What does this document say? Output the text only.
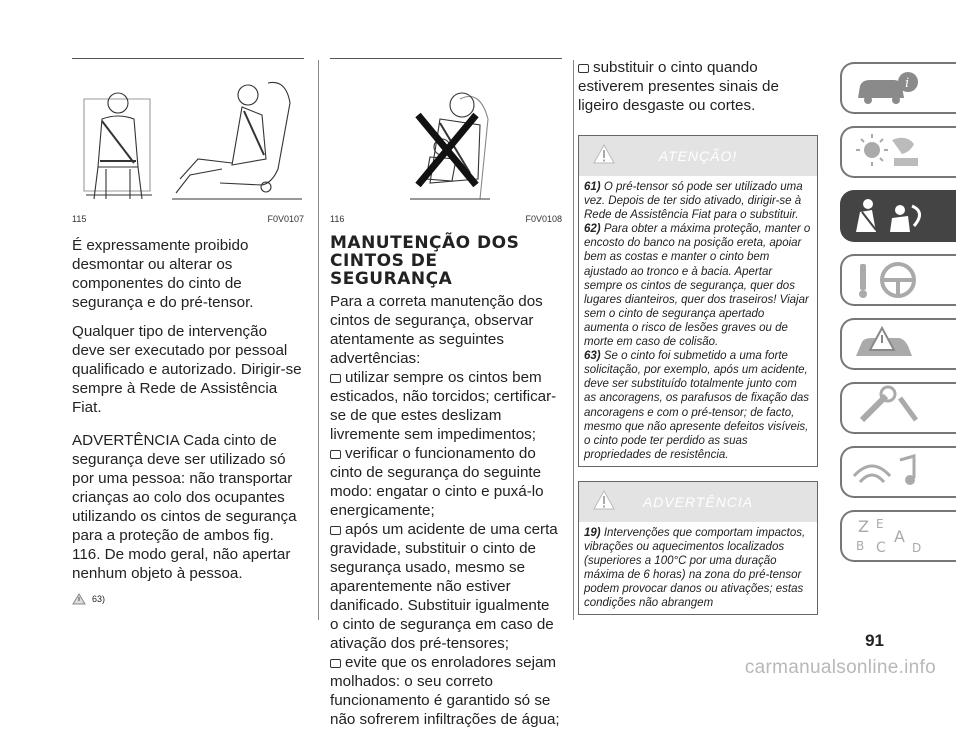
115	F0V0107

É expressamente proibido desmontar ou alterar os componentes do cinto de segurança e do pré-tensor.

Qualquer tipo de intervenção deve ser executado por pessoal qualificado e autorizado. Dirigir-se sempre à Rede de Assistência Fiat.

ADVERTÊNCIA Cada cinto de segurança deve ser utilizado só por uma pessoa: não transportar crianças ao colo dos ocupantes utilizando os cintos de segurança para a proteção de ambos fig. 116. De modo geral, não apertar nenhum objeto à pessoa.

63)
116	F0V0108
MANUTENÇÃO DOS
CINTOS DE SEGURANÇA
Para a correta manutenção dos cintos de segurança, observar atentamente as seguintes advertências:
utilizar sempre os cintos bem esticados, não torcidos; certificar-se de que estes deslizam livremente sem impedimentos;
verificar o funcionamento do cinto de segurança do seguinte modo: engatar o cinto e puxá-lo energicamente;
após um acidente de uma certa gravidade, substituir o cinto de segurança usado, mesmo se aparentemente não estiver danificado. Substituir igualmente o cinto de segurança em caso de ativação dos pré-tensores;
evite que os enroladores sejam molhados: o seu correto funcionamento é garantido só se não sofrerem infiltrações de água;
substituir o cinto quando estiverem presentes sinais de ligeiro desgaste ou cortes.
ATENÇÃO!

61) O pré-tensor só pode ser utilizado uma vez. Depois de ter sido ativado, dirigir-se à Rede de Assistência Fiat para o substituir.

62) Para obter a máxima proteção, manter o encosto do banco na posição ereta, apoiar bem as costas e manter o cinto bem ajustado ao tronco e à bacia. Apertar sempre os cintos de segurança, quer dos lugares dianteiros, quer dos traseiros! Viajar sem o cinto de segurança apertado aumenta o risco de lesões graves ou de morte em caso de colisão.

63) Se o cinto foi submetido a uma forte solicitação, por exemplo, após um acidente, deve ser substituído totalmente junto com as ancoragens, os parafusos de fixação das ancoragens e com o pré-tensor; de facto, mesmo que não apresente defeitos visíveis, o cinto pode ter perdido as suas propriedades de resistência.

ADVERTÊNCIA

19) Intervenções que comportam impactos, vibrações ou aquecimentos localizados (superiores a 100°C por uma duração máxima de 6 horas) na zona do pré-tensor podem provocar danos ou ativações; estas condições não abrangem

i
Z E
B C
A
D
91
carmanualsonline.info
